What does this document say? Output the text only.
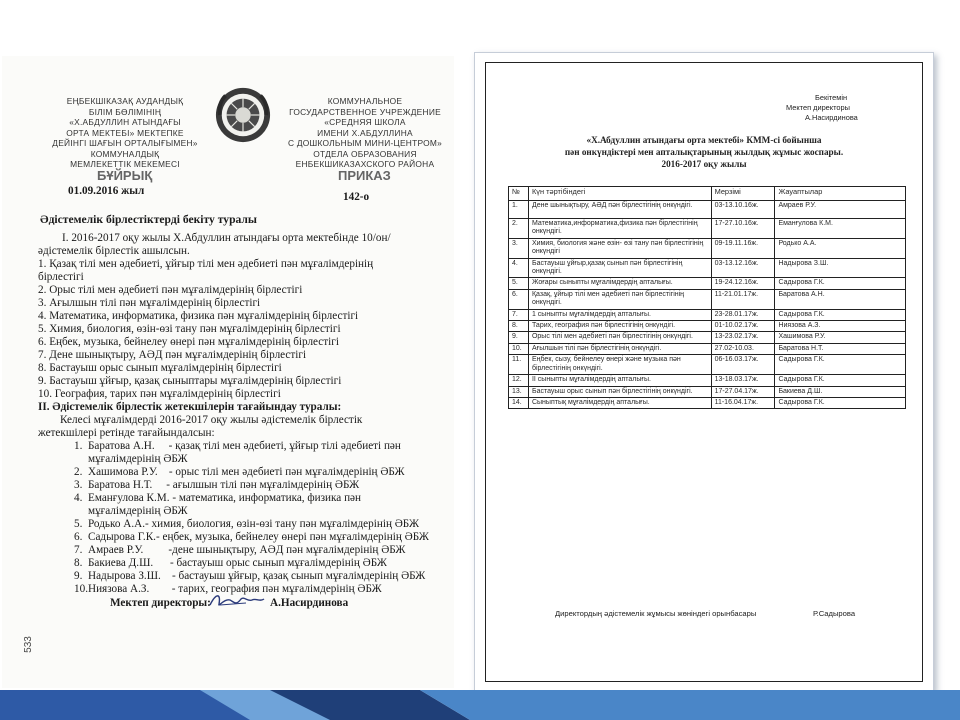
ЕҢБЕКШІКАЗАҚ АУДАНДЫҚ
БІЛІМ БӨЛІМІНІҢ
«Х.АБДУЛЛИН АТЫНДАҒЫ
ОРТА МЕКТЕБІ» МЕКТЕПКЕ
ДЕЙІНГІ ШАҒЫН ОРТАЛЫҒЫМЕН»
КОММУНАЛДЫҚ
МЕМЛЕКЕТТІК МЕКЕМЕСІ
КОММУНАЛЬНОЕ
ГОСУДАРСТВЕННОЕ УЧРЕЖДЕНИЕ
«СРЕДНЯЯ ШКОЛА
ИМЕНИ Х.АБДУЛЛИНА
С ДОШКОЛЬНЫМ МИНИ-ЦЕНТРОМ»
ОТДЕЛА ОБРАЗОВАНИЯ
ЕНБЕКШИКАЗАХСКОГО РАЙОНА
БҰЙРЫҚ	ПРИКАЗ
01.09.2016 жыл	142-о
Әдістемелік бірлестіктерді бекіту туралы
I. 2016-2017 оқу жылы Х.Абдуллин атындағы орта мектебінде 10/он/
әдістемелік бірлестік ашылсын.
1. Қазақ тілі мен әдебиеті, ұйғыр тілі мен әдебиеті пән мұғалімдерінің
бірлестігі
2. Орыс тілі мен әдебиеті пән мұғалімдерінің бірлестігі
3. Ағылшын тілі пән мұғалімдерінің бірлестігі
4. Математика, информатика, физика пән мұғалімдерінің бірлестігі
5. Химия, биология, өзін-өзі тану пән мұғалімдерінің бірлестігі
6. Еңбек, музыка, бейнелеу өнері пән мұғалімдерінің бірлестігі
7. Дене шынықтыру, АӘД пән мұғалімдерінің бірлестігі
8. Бастауыш орыс сынып мұғалімдерінің бірлестігі
9. Бастауыш ұйғыр, қазақ сыныптары мұғалімдерінің бірлестігі
10. География, тарих пән мұғалімдерінің бірлестігі
II. Әдістемелік бірлестік жетекшілерін тағайындау туралы:
Келесі мұғалімдерді 2016-2017 оқу жылы әдістемелік бірлестік
жетекшілері ретінде тағайындалсын:
1.  Баратова А.Н.     - қазақ тілі мен әдебиеті, ұйғыр тілі әдебиеті пән
мұғалімдерінің ӘБЖ
2.  Хашимова Р.У.    - орыс тілі мен әдебиеті пән мұғалімдерінің ӘБЖ
3.  Баратова Н.Т.     - ағылшын тілі пән мұғалімдерінің ӘБЖ
4.  Еманғулова К.М. - математика, информатика, физика пән
мұғалімдерінің ӘБЖ
5.  Родько А.А.- химия, биология, өзін-өзі тану пән мұғалімдерінің ӘБЖ
6.  Садырова Г.К.- еңбек, музыка, бейнелеу өнері пән мұғалімдерінің ӘБЖ
7.  Амраев Р.У.         -дене шынықтыру, АӘД пән мұғалімдерінің ӘБЖ
8.  Бакиева Д.Ш.      - бастауыш орыс сынып мұғалімдерінің ӘБЖ
9.  Надырова З.Ш.    - бастауыш ұйғыр, қазақ сынып мұғалімдерінің ӘБЖ
10.Ниязова А.З.        - тарих, география пән мұғалімдерінің ӘБЖ
Мектеп директоры:	А.Насирдинова
533
Бекітемін
Мектеп директоры
А.Насирдинова
«Х.Абдуллин атындағы орта мектебі» КММ-сі бойынша
пән онкүндіктері мен апталықтарының жылдық жұмыс жоспары.
2016-2017 оқу жылы
№	Күн тәртібіндегі	Мерзімі	Жауаптылар
1.	Дене шынықтыру, АӘД пән бірлестігінің онкүндігі.	03-13.10.16ж.	Амраев Р.У.
2.	Математика,информатика,физика пән бірлестігінің онкүндігі.	17-27.10.16ж.	Еманғулова К.М.
3.	Химия, биология және өзін- өзі тану пән бірлестігінің онкүндігі	09-19.11.16ж.	Родько А.А.
4.	Бастауыш ұйғыр,қазақ сынып пән бірлестігінің онкүндігі.	03-13.12.16ж.	Надырова З.Ш.
5.	Жоғары сыныпты мұғалімдердің апталығы.	19-24.12.16ж.	Садырова Г.К.
6.	Қазақ, ұйғыр тілі мен әдебиеті пән бірлестігінің онкүндігі.	11-21.01.17ж.	Баратова А.Н.
7.	1 сыныпты мұғалімдердің апталығы.	23-28.01.17ж.	Садырова Г.К.
8.	Тарих, география пән бірлестігінің онкүндігі.	01-10.02.17ж.	Ниязова А.З.
9.	Орыс тілі мен әдебиеті пән бірлестігінің онкүндігі.	13-23.02.17ж.	Хашимова Р.У.
10.	Ағылшын тілі пән бірлестігінің онкүндігі.	27.02-10.03.	Баратова Н.Т.
11.	Еңбек, сызу, бейнелеу өнері және музыка пән бірлестігінің онкүндігі.	06-16.03.17ж.	Садырова Г.К.
12.	II сыныпты мұғалімдердің апталығы.	13-18.03.17ж.	Садырова Г.К.
13.	Бастауыш орыс сынып пән бірлестігінің онкүндігі.	17-27.04.17ж.	Бакиева Д.Ш.
14.	Сыныптық мұғалімдердің апталығы.	11-16.04.17ж.	Садырова Г.К.
Директордың әдістемелік жұмысы жөніндегі орынбасары	Р.Садырова
